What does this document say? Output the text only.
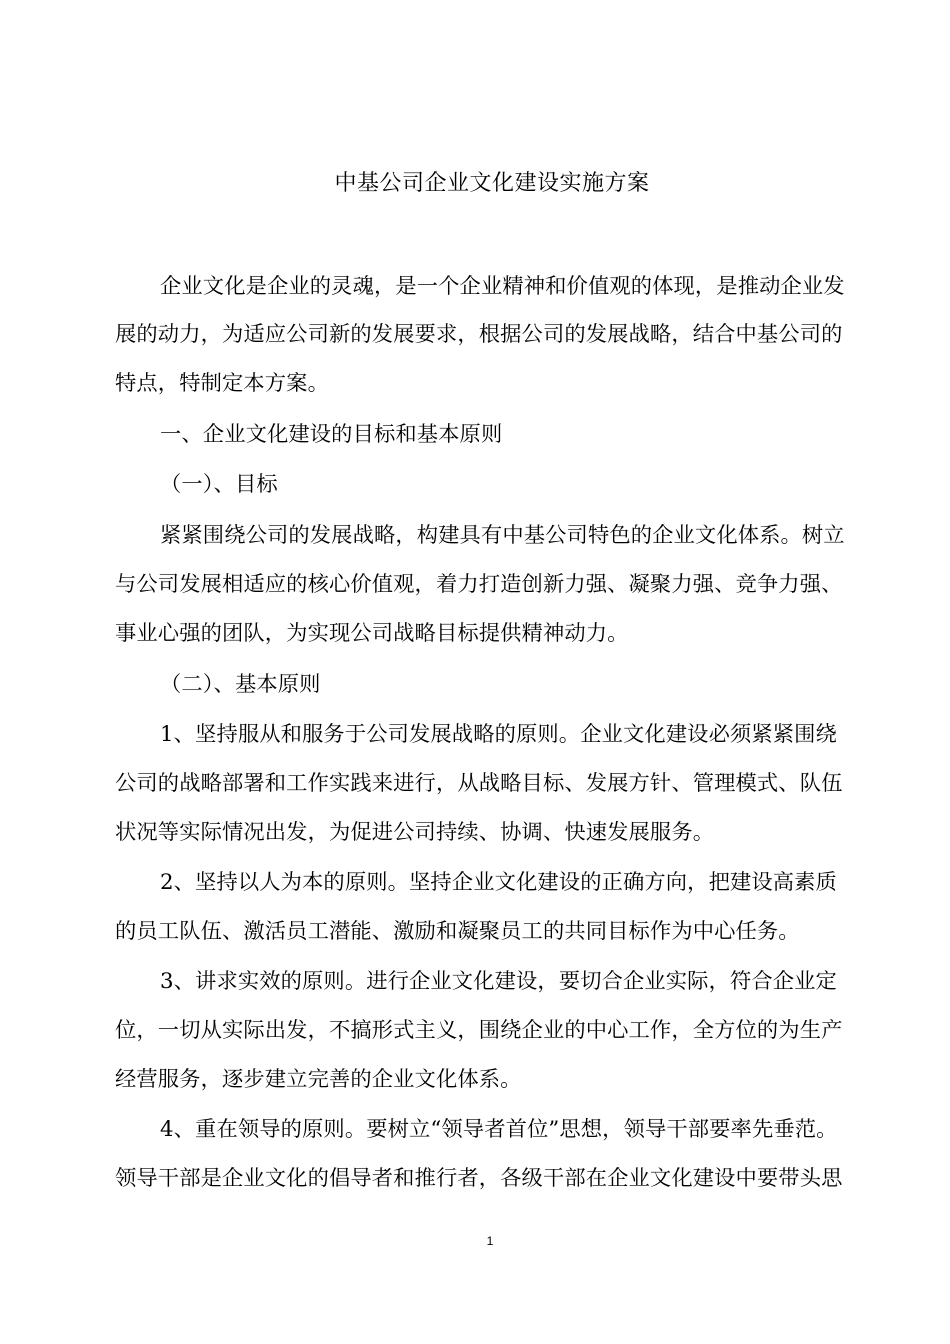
中基公司企业文化建设实施方案
企业文化是企业的灵魂，是一个企业精神和价值观的体现，是推动企业发
展的动力，为适应公司新的发展要求，根据公司的发展战略，结合中基公司的
特点，特制定本方案。
一、企业文化建设的目标和基本原则
（一）、目标
紧紧围绕公司的发展战略，构建具有中基公司特色的企业文化体系。树立
与公司发展相适应的核心价值观，着力打造创新力强、凝聚力强、竞争力强、
事业心强的团队，为实现公司战略目标提供精神动力。
（二）、基本原则
1、坚持服从和服务于公司发展战略的原则。企业文化建设必须紧紧围绕
公司的战略部署和工作实践来进行，从战略目标、发展方针、管理模式、队伍
状况等实际情况出发，为促进公司持续、协调、快速发展服务。
2、坚持以人为本的原则。坚持企业文化建设的正确方向，把建设高素质
的员工队伍、激活员工潜能、激励和凝聚员工的共同目标作为中心任务。
3、讲求实效的原则。进行企业文化建设，要切合企业实际，符合企业定
位，一切从实际出发，不搞形式主义，围绕企业的中心工作，全方位的为生产
经营服务，逐步建立完善的企业文化体系。
4、重在领导的原则。要树立“领导者首位”思想，领导干部要率先垂范。
领导干部是企业文化的倡导者和推行者，各级干部在企业文化建设中要带头思
1
